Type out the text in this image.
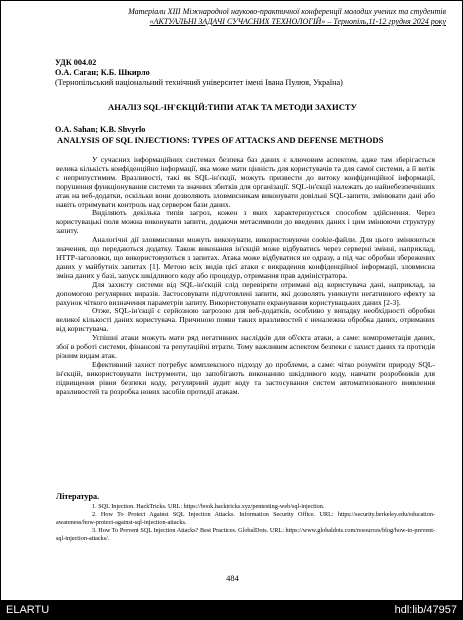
Матеріали XIII Міжнародної науково-практичної конференції молодих учених та студентів
«АКТУАЛЬНІ ЗАДАЧІ СУЧАСНИХ ТЕХНОЛОГІЙ» – Тернопіль,11-12 грудня 2024 року
УДК 004.02
О.А. Саган; К.Б. Шкирло
(Тернопільський національний технічний університет імені Івана Пулюя, Україна)
АНАЛІЗ SQL-ІН'ЄКЦІЙ:ТИПИ АТАК ТА МЕТОДИ ЗАХИСТУ
O.A. Sahan; K.B. Shvyrlo
ANALYSIS OF SQL INJECTIONS: TYPES OF ATTACKS AND DEFENSE METHODS

У сучасних інформаційних системах безпека баз даних є ключовим аспектом, адже там зберігається велика кількість конфіденційно інформації, яка може мати цінність для користувачів та для самої системи, а її витік є неприпустимим. Вразливості, такі як SQL-ін'єкції, можуть призвести до витоку конфіденційної інформації, порушення функціонування системи та значних збитків для організації. SQL-ін'єкції належать до найнебезпечніших атак на веб-додатки, оскільки вони дозволяють зловмисникам виконувати довільні SQL-запити, змінювати дані або навіть отримувати контроль над сервером бази даних.

Виділяють декілька типів загроз, кожен з яких характеризується способом здійснення. Через користувацькі поля можна виконувати запити, додаючи метасимволи до введених даних і цим змінюючи структуру запиту.

Аналогічні дії зловмисники можуть виконувати, використовуючи cookie-файли. Для цього змінюються значення, що передаються додатку. Також виконання ін'єкцій може відбуватись через серверні змінні, наприклад, HTTP-заголовки, що використовуються з запитах. Атака може відбуватися не одразу, а під час обробки збережених даних у майбутніх запитах [1]. Метою всіх видів цієї атаки є викрадення конфіденційної інформації, зловмисна зміна даних у базі, запуск шкідливого коду або процедур, отримання прав адміністратора.

Для захисту системи від SQL-ін'єкцій слід перевіряти отримані від користувача дані, наприклад, за допомогою регулярних виразів. Застосовувати підготовлені запити, які дозволять уникнути негативного ефекту за рахунок чіткого визначення параметрів запиту. Використовувати екранування користувацьких даних [2-3].

Отже, SQL-ін'єкції є серйозною загрозою для веб-додатків, особливо у випадку необхідності обробки великої кількості даних користувача. Причиною появи таких вразливостей є неналежна обробка даних, отриманих від користувача.

Успішні атаки можуть мати ряд негативних наслідків для об'єкта атаки, а саме: компрометація даних, збої в роботі системи, фінансові та репутаційні втрати. Тому важливим аспектом безпеки є захист даних та протидія різним видам атак.

Ефективний захист потребує комплексного підходу до проблеми, а саме: чітко розуміти природу SQL-ін'єкцій, використовувати інструменти, що запобігають виконанню шкідливого коду, навчати розробників для підвищення рівня безпеки коду, регулярний аудит коду та застосування систем автоматизованого виявлення вразливостей та розробка нових засобів протидії атакам.

Література.

1. SQL Injection. HackTricks. URL: https://book.hacktricks.xyz/pentesting-web/sql-injection.

2. How To Protect Against SQL Injection Attacks. Information Security Office. URL: https://security.berkeley.edu/education-awareness/how-protect-against-sql-injection-attacks.

3. How To Prevent SQL Injection Attacks? Best Practices. GlobalDots. URL: https://www.globaldots.com/resources/blog/how-to-prevent-sql-injection-attacks/.

484
ELARTU	hdl:lib/47957
